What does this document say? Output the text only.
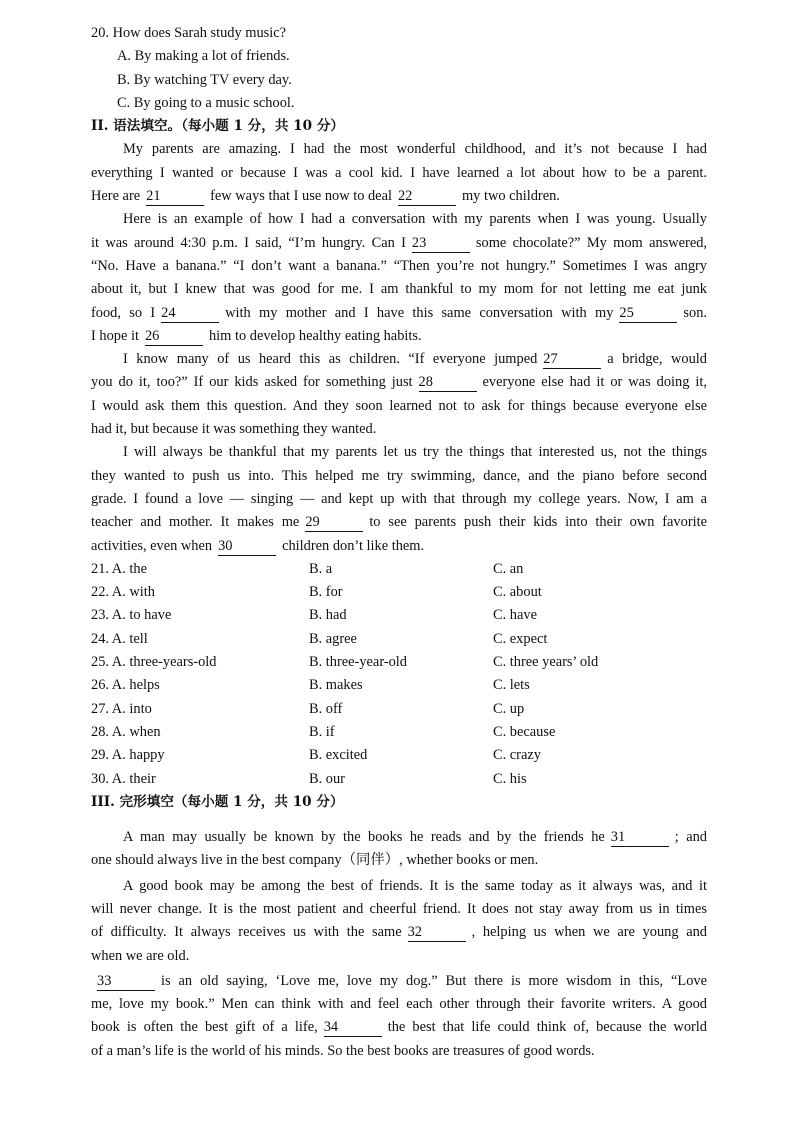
20. How does Sarah study music?
A. By making a lot of friends.
B. By watching TV every day.
C. By going to a music school.
II. 语法填空。（每小题 1 分，共 10 分）
My parents are amazing. I had the most wonderful childhood, and it’s not because I had
everything I wanted or because I was a cool kid. I have learned a lot about how to be a parent.
Here are 21	few ways that I use now to deal 22	my two children.
Here is an example of how I had a conversation with my parents when I was young. Usually
it was around 4:30 p.m. I said, “I’m hungry. Can I 23	some chocolate?” My mom answered,
“No. Have a banana.” “I don’t want a banana.” “Then you’re not hungry.” Sometimes I was angry
about it, but I knew that was good for me. I am thankful to my mom for not letting me eat junk
food, so I 24	with my mother and I have this same conversation with my 25	son.
I hope it 26	him to develop healthy eating habits.
I know many of us heard this as children. “If everyone jumped 27	a bridge, would
you do it, too?” If our kids asked for something just 28	everyone else had it or was doing it,
I would ask them this question. And they soon learned not to ask for things because everyone else
had it, but because it was something they wanted.
I will always be thankful that my parents let us try the things that interested us, not the things
they wanted to push us into. This helped me try swimming, dance, and the piano before second
grade. I found a love — singing — and kept up with that through my college years. Now, I am a
teacher and mother. It makes me 29	to see parents push their kids into their own favorite
activities, even when 30	children don’t like them.
21. A. the	B. a	C. an
22. A. with	B. for	C. about
23. A. to have	B. had	C. have
24. A. tell	B. agree	C. expect
25. A. three-years-old	B. three-year-old	C. three years’ old
26. A. helps	B. makes	C. lets
27. A. into	B. off	C. up
28. A. when	B. if	C. because
29. A. happy	B. excited	C. crazy
30. A. their	B. our	C. his
III. 完形填空（每小题 1 分，共 10 分）
A man may usually be known by the books he reads and by the friends he 31	; and
one should always live in the best company（同伴）, whether books or men.
A good book may be among the best of friends. It is the same today as it always was, and it
will never change. It is the most patient and cheerful friend. It does not stay away from us in times
of difficulty. It always receives us with the same 32	, helping us when we are young and
when we are old.
33	is an old saying, ‘Love me, love my dog.” But there is more wisdom in this, “Love
me, love my book.” Men can think with and feel each other through their favorite writers. A good
book is often the best gift of a life, 34	the best that life could think of, because the world
of a man’s life is the world of his minds. So the best books are treasures of good words.
